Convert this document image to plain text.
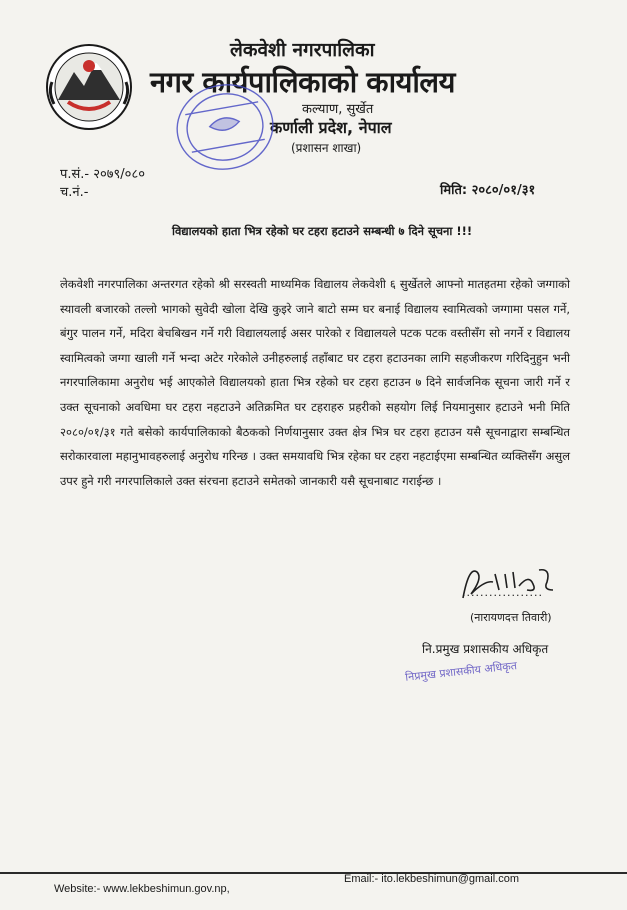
लेकवेशी नगरपालिका
नगर कार्यपालिकाको कार्यालय
कल्याण, सुर्खेत
कर्णाली प्रदेश, नेपाल
(प्रशासन शाखा)
प.सं.- २०७९/०८०
च.नं.-	मिति: २०८०/०१/३१
विद्यालयको हाता भित्र रहेको घर टहरा हटाउने सम्बन्धी ७ दिने सूचना !!!
लेकवेशी नगरपालिका अन्तरगत रहेको श्री सरस्वती माध्यमिक विद्यालय लेकवेशी ६ सुर्खेतले आफ्नो मातहतमा रहेको जग्गाको स्यावली बजारको तल्लो भागको सुवेदी खोला देखि कुइरे जाने बाटो सम्म घर बनाई विद्यालय स्वामित्वको जग्गामा पसल गर्ने, बंगुर पालन गर्ने, मदिरा बेचबिखन गर्ने गरी विद्यालयलाई असर पारेको र विद्यालयले पटक पटक वस्तीसँग सो नगर्ने र विद्यालय स्वामित्वको जग्गा खाली गर्ने भन्दा अटेर गरेकोले उनीहरुलाई तहाँबाट घर टहरा हटाउनका लागि सहजीकरण गरिदिनुहुन भनी नगरपालिकामा अनुरोध भई आएकोले विद्यालयको हाता भित्र रहेको घर टहरा हटाउन ७ दिने सार्वजनिक सूचना जारी गर्ने र उक्त सूचनाको अवधिमा घर टहरा नहटाउने अतिक्रमित घर टहराहरु प्रहरीको सहयोग लिई नियमानुसार हटाउने भनी मिति २०८०/०१/३१ गते बसेको कार्यपालिकाको बैठकको निर्णयानुसार उक्त क्षेत्र भित्र घर टहरा हटाउन यसै सूचनाद्वारा सम्बन्धित सरोकारवाला महानुभावहरुलाई अनुरोध गरिन्छ । उक्त समयावधि भित्र रहेका घर टहरा नहटाईएमा सम्बन्धित व्यक्तिसँग असुल उपर हुने गरी नगरपालिकाले उक्त संरचना हटाउने समेतको जानकारी यसै सूचनाबाट गराईन्छ ।
..................
(नारायणदत्त तिवारी)
नि.प्रमुख प्रशासकीय अधिकृत
निप्रमुख प्रशासकीय अधिकृत
Website:- www.lekbeshimun.gov.np,
Email:- ito.lekbeshimun@gmail.com
